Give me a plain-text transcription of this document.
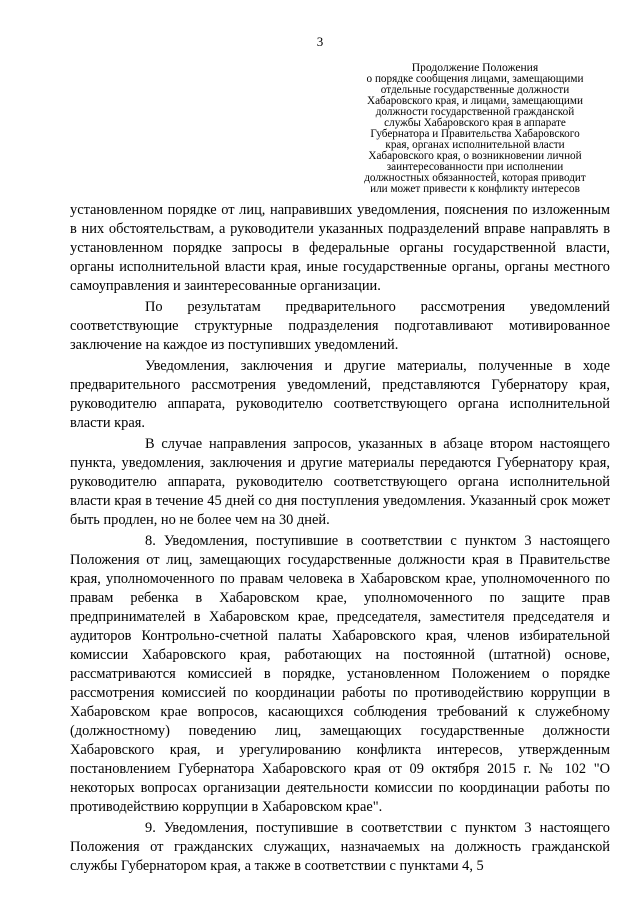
3
Продолжение Положения
о порядке сообщения лицами, замещающими
отдельные государственные должности
Хабаровского края, и лицами, замещающими
должности государственной гражданской
службы Хабаровского края в аппарате
Губернатора и Правительства Хабаровского
края, органах исполнительной власти
Хабаровского края, о возникновении личной
заинтересованности при исполнении
должностных обязанностей, которая приводит
или может привести к конфликту интересов

установленном порядке от лиц, направивших уведомления, пояснения по изложенным в них обстоятельствам, а руководители указанных подразделений вправе направлять в установленном порядке запросы в федеральные органы государственной власти, органы исполнительной власти края, иные государственные органы, органы местного самоуправления и заинтересованные организации.

По результатам предварительного рассмотрения уведомлений соответствующие структурные подразделения подготавливают мотивированное заключение на каждое из поступивших уведомлений.

Уведомления, заключения и другие материалы, полученные в ходе предварительного рассмотрения уведомлений, представляются Губернатору края, руководителю аппарата, руководителю соответствующего органа исполнительной власти края.

В случае направления запросов, указанных в абзаце втором настоящего пункта, уведомления, заключения и другие материалы передаются Губернатору края, руководителю аппарата, руководителю соответствующего органа исполнительной власти края в течение 45 дней со дня поступления уведомления. Указанный срок может быть продлен, но не более чем на 30 дней.

8. Уведомления, поступившие в соответствии с пунктом 3 настоящего Положения от лиц, замещающих государственные должности края в Правительстве края, уполномоченного по правам человека в Хабаровском крае, уполномоченного по правам ребенка в Хабаровском крае, уполномоченного по защите прав предпринимателей в Хабаровском крае, председателя, заместителя председателя и аудиторов Контрольно-счетной палаты Хабаровского края, членов избирательной комиссии Хабаровского края, работающих на постоянной (штатной) основе, рассматриваются комиссией в порядке, установленном Положением о порядке рассмотрения комиссией по координации работы по противодействию коррупции в Хабаровском крае вопросов, касающихся соблюдения требований к служебному (должностному) поведению лиц, замещающих государственные должности Хабаровского края, и урегулированию конфликта интересов, утвержденным постановлением Губернатора Хабаровского края от 09 октября 2015 г. № 102 "О некоторых вопросах организации деятельности комиссии по координации работы по противодействию коррупции в Хабаровском крае".

9. Уведомления, поступившие в соответствии с пунктом 3 настоящего Положения от гражданских служащих, назначаемых на должность гражданской службы Губернатором края, а также в соответствии с пунктами 4, 5
